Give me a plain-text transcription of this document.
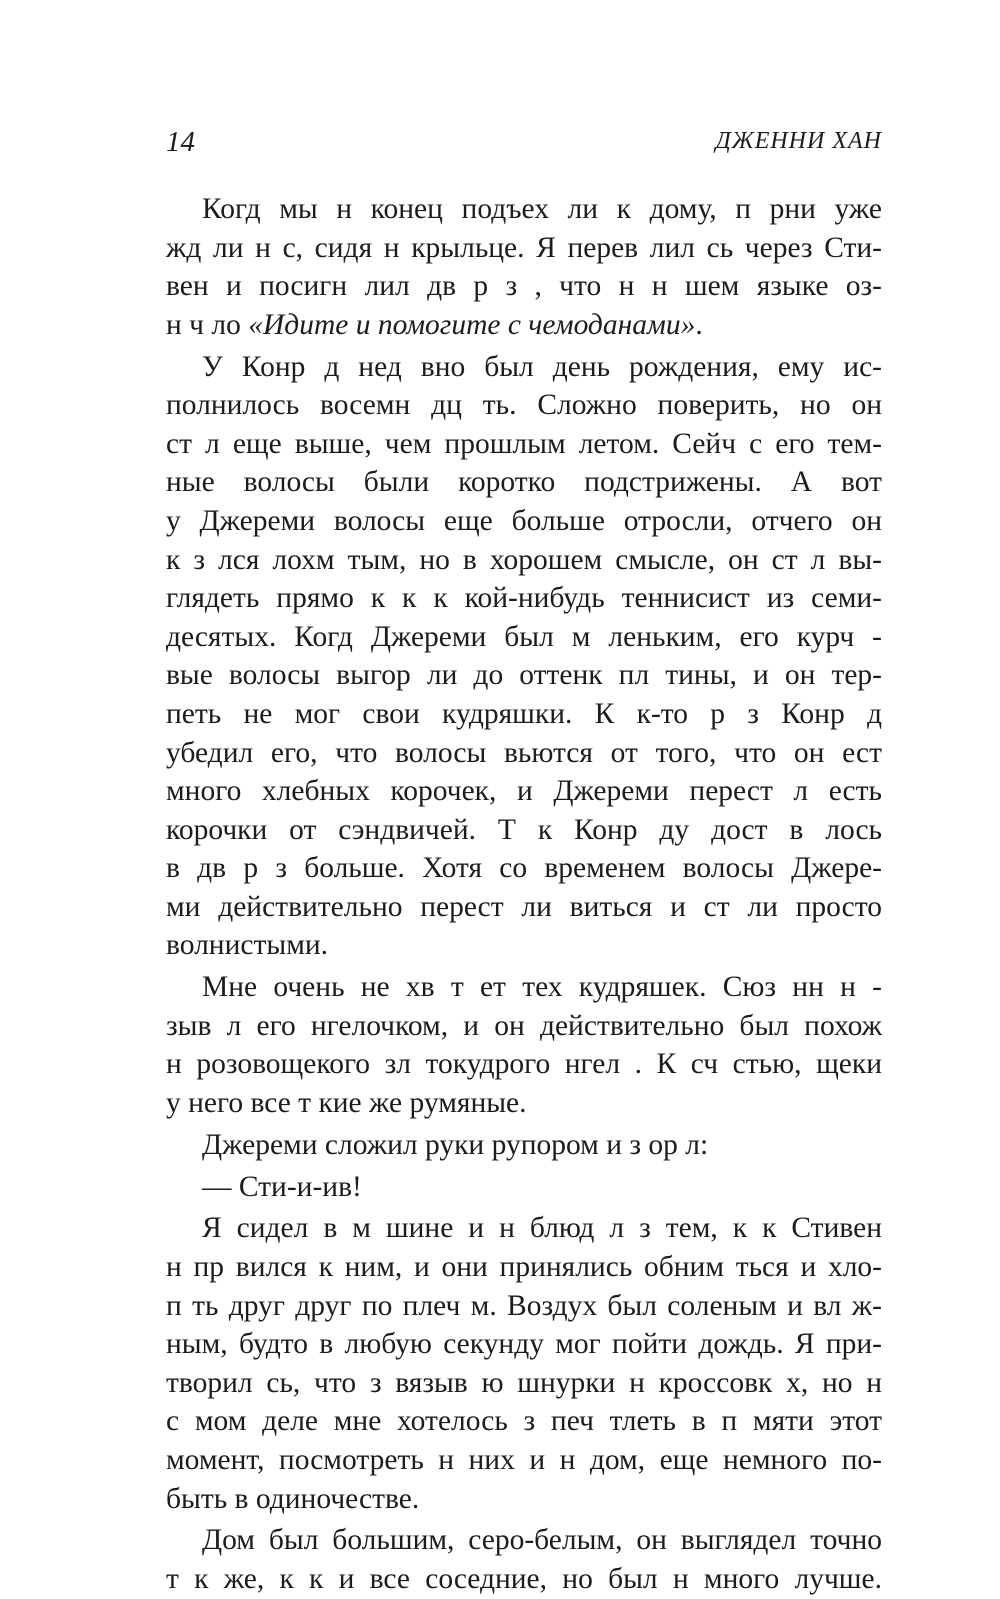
14	ДЖЕННИ ХАН
Когд мы н конец подъех ли к дому, п рни уже
жд ли н с, сидя н крыльце. Я перев лил сь через Сти-
вен и посигн лил дв р з , что н н шем языке оз-
н ч ло «Идите и помогите с чемоданами».
У Конр д нед вно был день рождения, ему ис-
полнилось восемн дц ть. Сложно поверить, но он
ст л еще выше, чем прошлым летом. Сейч с его тем-
ные волосы были коротко подстрижены. А вот
у Джереми волосы еще больше отросли, отчего он
к з лся лохм тым, но в хорошем смысле, он ст л вы-
глядеть прямо к к к кой-нибудь теннисист из семи-
десятых. Когд Джереми был м леньким, его курч -
вые волосы выгор ли до оттенк пл тины, и он тер-
петь не мог свои кудряшки. К к-то р з Конр д
убедил его, что волосы вьются от того, что он ест
много хлебных корочек, и Джереми перест л есть
корочки от сэндвичей. Т к Конр ду дост в лось
в дв р з больше. Хотя со временем волосы Джере-
ми действительно перест ли виться и ст ли просто
волнистыми.
Мне очень не хв т ет тех кудряшек. Сюз нн н -
зыв л его нгелочком, и он действительно был похож
н розовощекого зл токудрого нгел . К сч стью, щеки
у него все т кие же румяные.
Джереми сложил руки рупором и з ор л:
— Сти-и-ив!
Я сидел в м шине и н блюд л з тем, к к Стивен
н пр вился к ним, и они принялись обним ться и хло-
п ть друг друг по плеч м. Воздух был соленым и вл ж-
ным, будто в любую секунду мог пойти дождь. Я при-
творил сь, что з вязыв ю шнурки н кроссовк х, но н
с мом деле мне хотелось з печ тлеть в п мяти этот
момент, посмотреть н них и н дом, еще немного по-
быть в одиночестве.
Дом был большим, серо-белым, он выглядел точно
т к же, к к и все соседние, но был н много лучше.
